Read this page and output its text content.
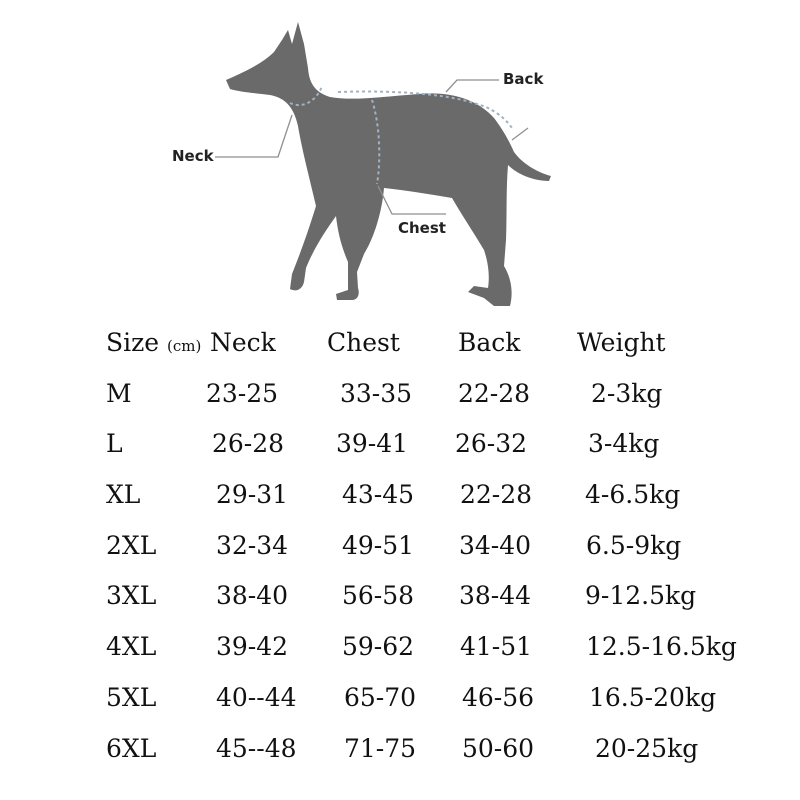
Neck
Chest
Back
Size (cm) Neck Chest Back Weight
M	23-25 33-35 22-28 2-3kg
L	26-28 39-41 26-32 3-4kg
XL	29-31 43-45 22-28 4-6.5kg
2XL 32-34 49-51 34-40 6.5-9kg
3XL 38-40 56-58 38-44 9-12.5kg
4XL 39-42 59-62 41-51 12.5-16.5kg
5XL 40--44 65-70 46-56 16.5-20kg
6XL 45--48 71-75 50-60 20-25kg
